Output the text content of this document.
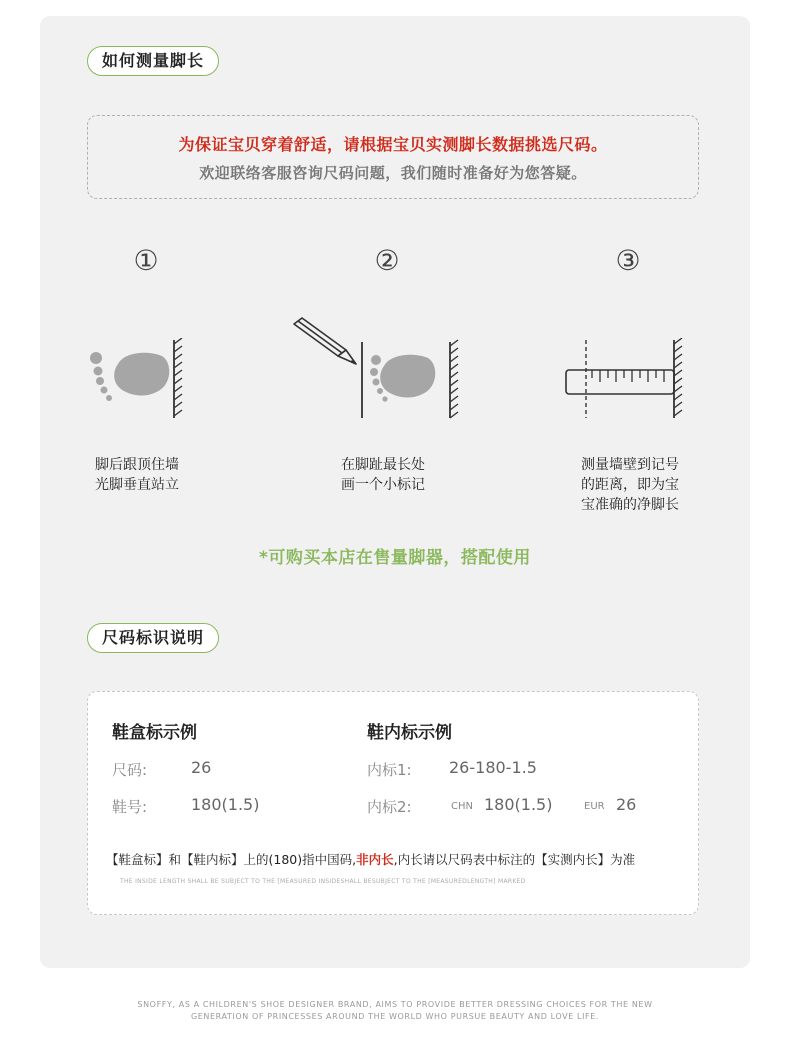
如何测量脚长
为保证宝贝穿着舒适，请根据宝贝实测脚长数据挑选尺码。
欢迎联络客服咨询尺码问题，我们随时准备好为您答疑。
①	②	③
脚后跟顶住墙
光脚垂直站立
在脚趾最长处
画一个小标记
测量墙壁到记号
的距离，即为宝
宝准确的净脚长
*可购买本店在售量脚器，搭配使用
尺码标识说明
鞋盒标示例
尺码:	26
鞋号:	180(1.5)
鞋内标示例
内标1: 26-180-1.5
内标2:	CHN 180(1.5)	EUR 26
【鞋盒标】和【鞋内标】上的(180)指中国码,非内长,内长请以尺码表中标注的【实测内长】为准
THE INSIDE LENGTH SHALL BE SUBJECT TO THE [MEASURED INSIDESHALL BESUBJECT TO THE [MEASUREDLENGTH] MARKED
SNOFFY, AS A CHILDREN'S SHOE DESIGNER BRAND, AIMS TO PROVIDE BETTER DRESSING CHOICES FOR THE NEW
GENERATION OF PRINCESSES AROUND THE WORLD WHO PURSUE BEAUTY AND LOVE LIFE.
